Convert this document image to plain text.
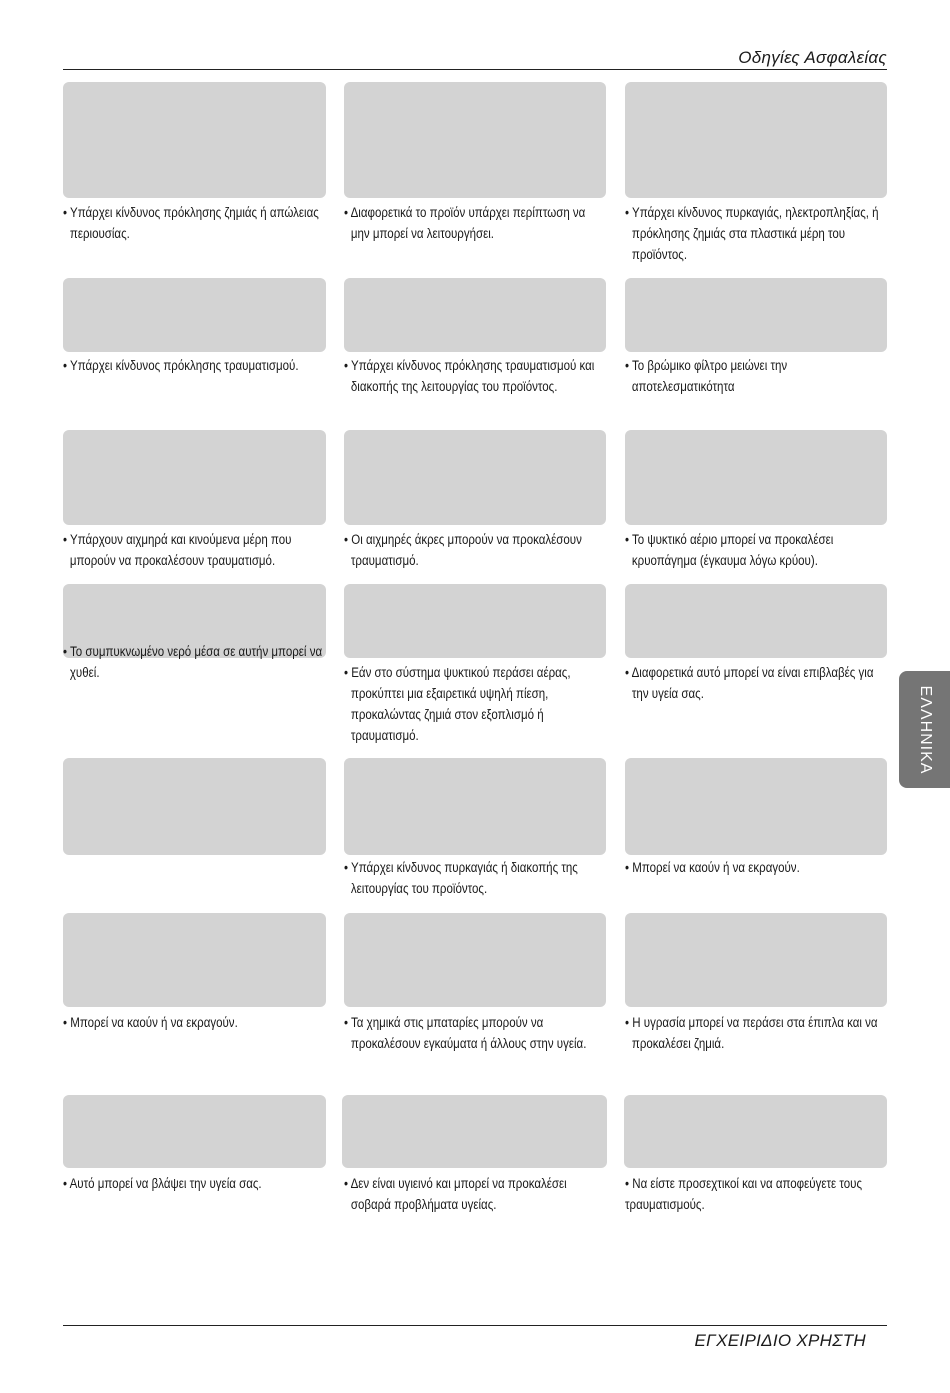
Οδηγίες Ασφαλείας
ΕΛΛΗΝΙΚΑ
• Υπάρχει κίνδυνος πρόκλησης ζημιάς ή απώλειας περιουσίας.
• Διαφορετικά το προϊόν υπάρχει περίπτωση να μην μπορεί να λειτουργήσει.
• Υπάρχει κίνδυνος πυρκαγιάς, ηλεκτροπληξίας, ή πρόκλησης ζημιάς στα πλαστικά μέρη του προϊόντος.
• Υπάρχει κίνδυνος πρόκλησης τραυματισμού.	• Υπάρχει κίνδυνος πρόκλησης τραυματισμού και διακοπής της λειτουργίας του προϊόντος.
• Το βρώμικο φίλτρο μειώνει την αποτελεσματικότητα
• Υπάρχουν αιχμηρά και κινούμενα μέρη που μπορούν να προκαλέσουν τραυματισμό.
• Οι αιχμηρές άκρες μπορούν να προκαλέσουν τραυματισμό.
• Το ψυκτικό αέριο μπορεί να προκαλέσει κρυοπάγημα (έγκαυμα λόγω κρύου).
• Το συμπυκνωμένο νερό μέσα σε αυτήν μπορεί να χυθεί.	• Εάν στο σύστημα ψυκτικού περάσει αέρας, προκύπτει μια εξαιρετικά υψηλή πίεση, προκαλώντας ζημιά στον εξοπλισμό ή τραυματισμό.
• Διαφορετικά αυτό μπορεί να είναι επιβλαβές για την υγεία σας.
• Υπάρχει κίνδυνος πυρκαγιάς ή διακοπής της λειτουργίας του προϊόντος.
• Μπορεί να καούν ή να εκραγούν.
• Μπορεί να καούν ή να εκραγούν.	• Τα χημικά στις μπαταρίες μπορούν να προκαλέσουν εγκαύματα ή άλλους στην υγεία.
• Η υγρασία μπορεί να περάσει στα έπιπλα και να προκαλέσει ζημιά.
• Αυτό μπορεί να βλάψει την υγεία σας.	• Δεν είναι υγιεινό και μπορεί να προκαλέσει σοβαρά προβλήματα υγείας.
• Να είστε προσεχτικοί και να αποφεύγετε τους τραυματισμούς.
ΕΓΧΕΙΡΙΔΙΟ ΧΡΗΣΤΗ
